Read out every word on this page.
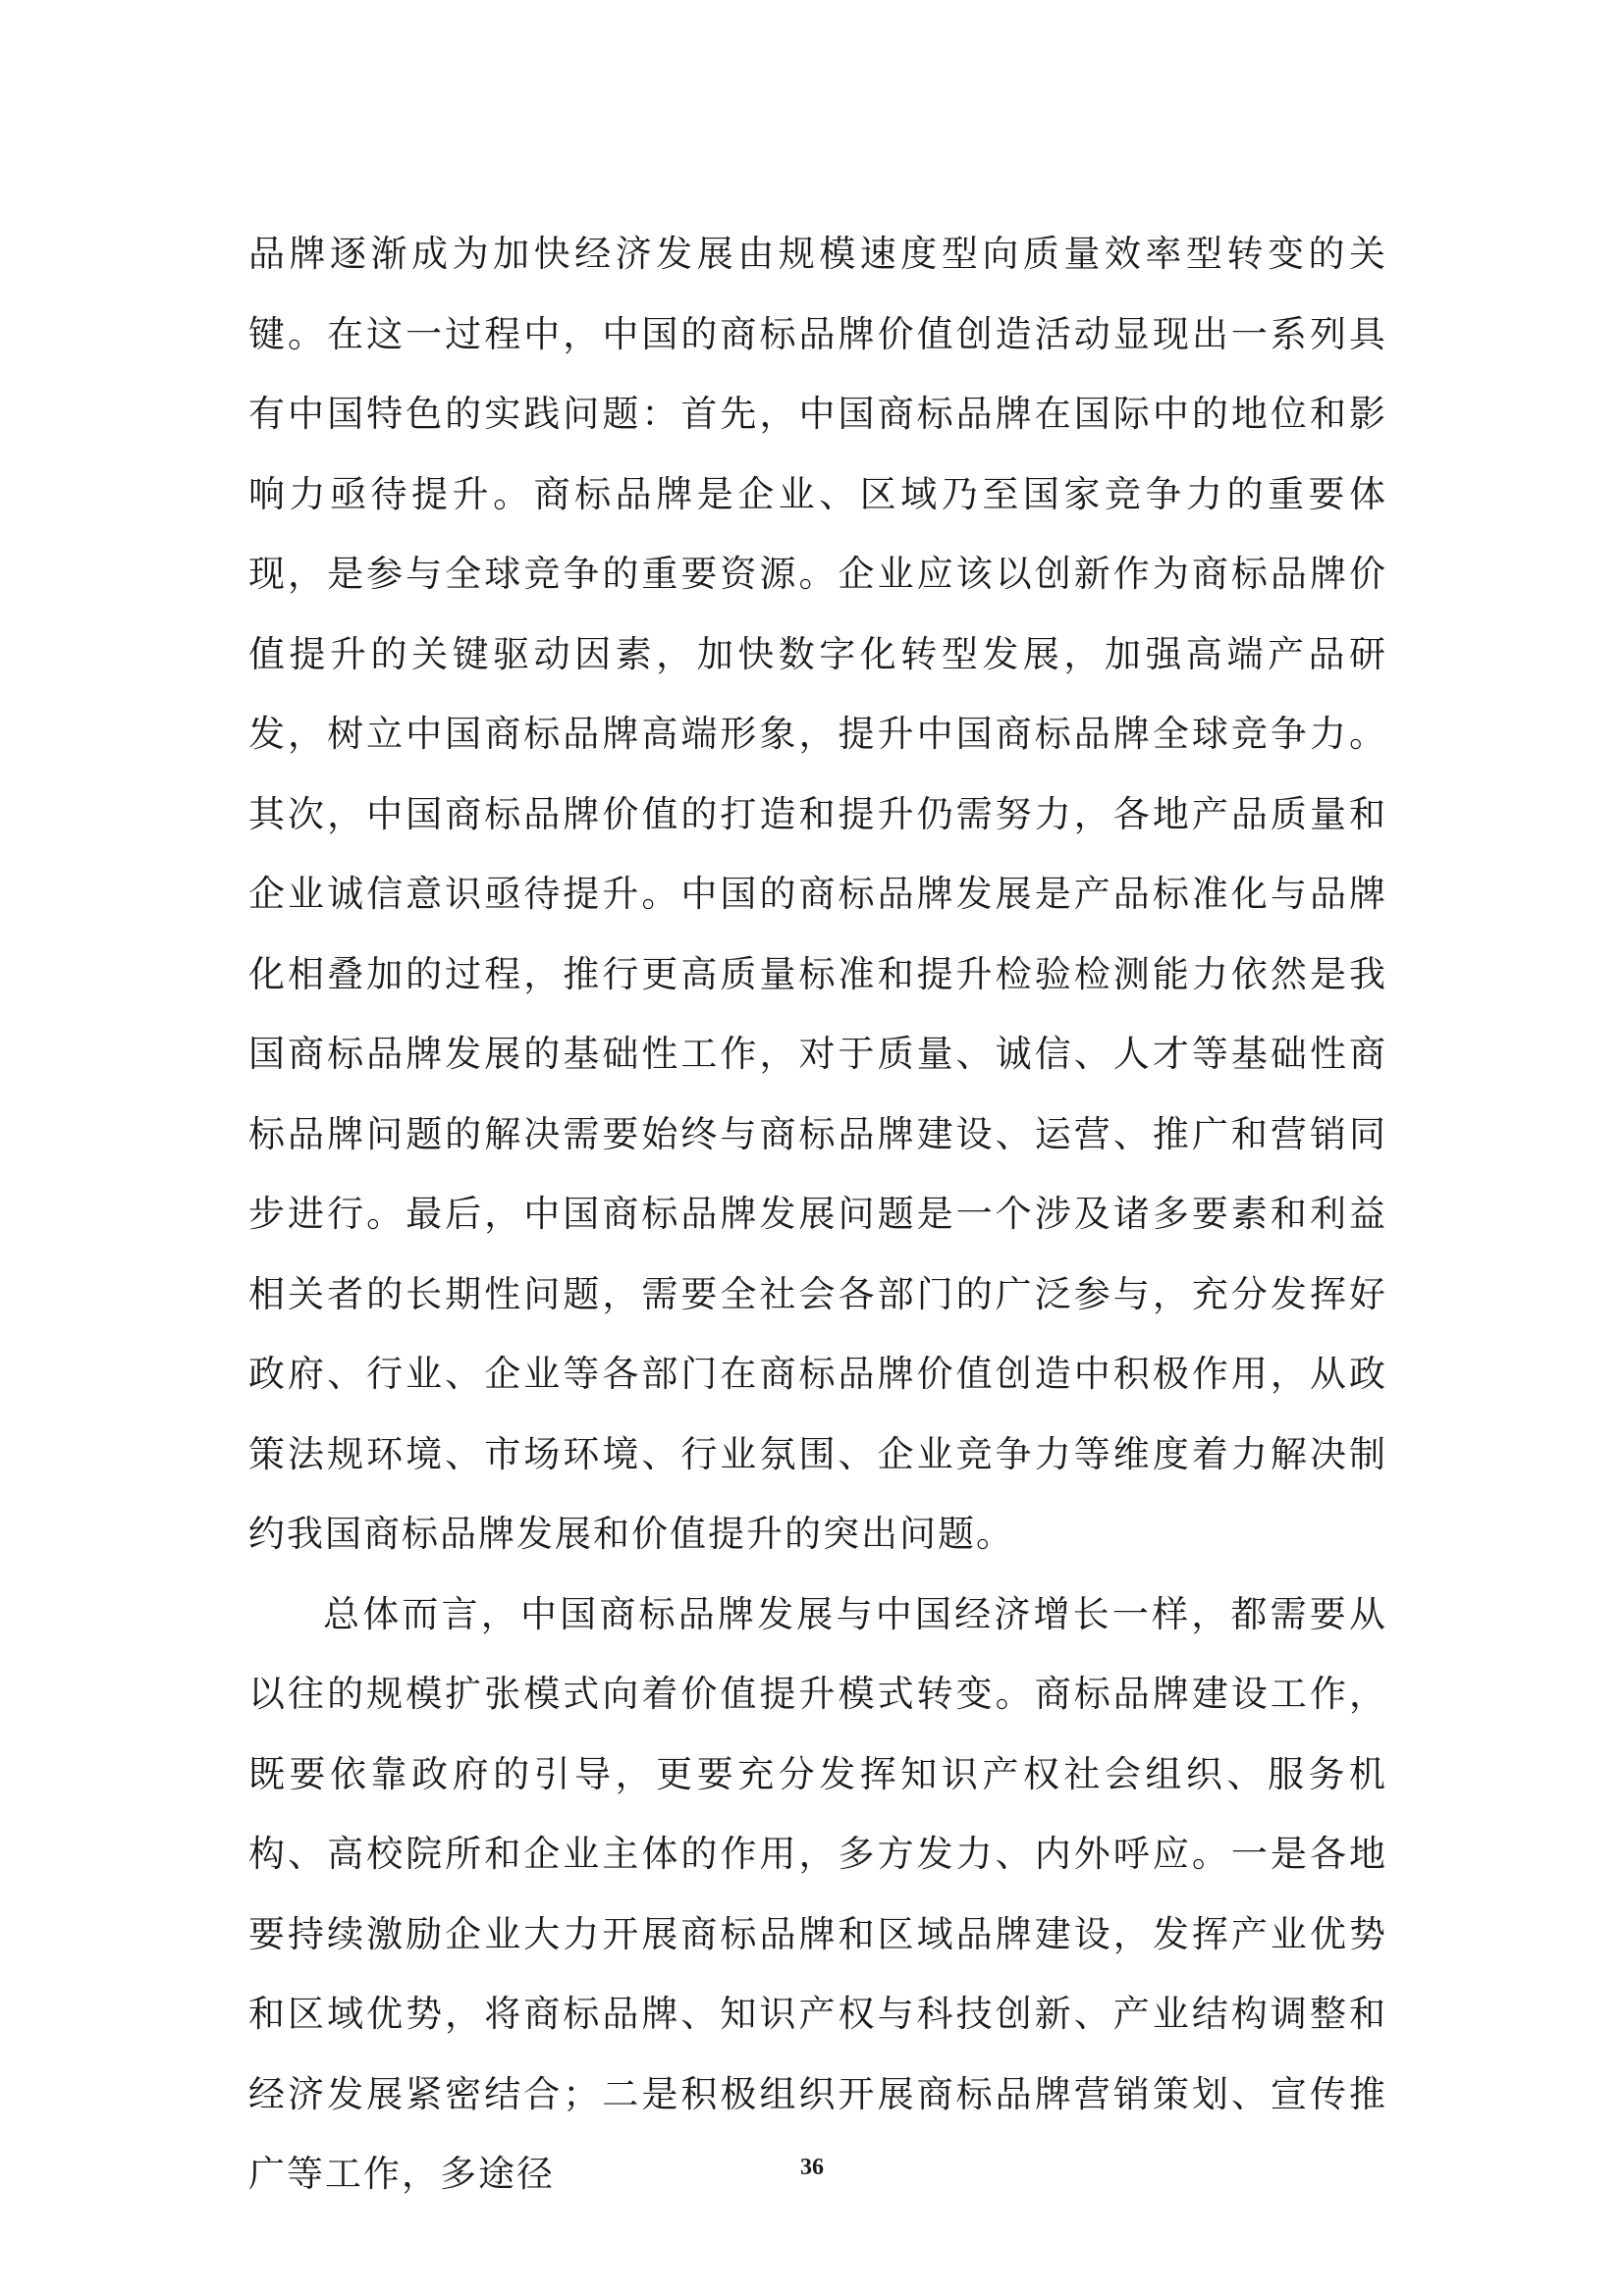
品牌逐渐成为加快经济发展由规模速度型向质量效率型转变的关键。在这一过程中，中国的商标品牌价值创造活动显现出一系列具有中国特色的实践问题：首先，中国商标品牌在国际中的地位和影响力亟待提升。商标品牌是企业、区域乃至国家竞争力的重要体现，是参与全球竞争的重要资源。企业应该以创新作为商标品牌价值提升的关键驱动因素，加快数字化转型发展，加强高端产品研发，树立中国商标品牌高端形象，提升中国商标品牌全球竞争力。其次，中国商标品牌价值的打造和提升仍需努力，各地产品质量和企业诚信意识亟待提升。中国的商标品牌发展是产品标准化与品牌化相叠加的过程，推行更高质量标准和提升检验检测能力依然是我国商标品牌发展的基础性工作，对于质量、诚信、人才等基础性商标品牌问题的解决需要始终与商标品牌建设、运营、推广和营销同步进行。最后，中国商标品牌发展问题是一个涉及诸多要素和利益相关者的长期性问题，需要全社会各部门的广泛参与，充分发挥好政府、行业、企业等各部门在商标品牌价值创造中积极作用，从政策法规环境、市场环境、行业氛围、企业竞争力等维度着力解决制约我国商标品牌发展和价值提升的突出问题。

总体而言，中国商标品牌发展与中国经济增长一样，都需要从以往的规模扩张模式向着价值提升模式转变。商标品牌建设工作，既要依靠政府的引导，更要充分发挥知识产权社会组织、服务机构、高校院所和企业主体的作用，多方发力、内外呼应。一是各地要持续激励企业大力开展商标品牌和区域品牌建设，发挥产业优势和区域优势，将商标品牌、知识产权与科技创新、产业结构调整和经济发展紧密结合；二是积极组织开展商标品牌营销策划、宣传推广等工作，多途径	36
